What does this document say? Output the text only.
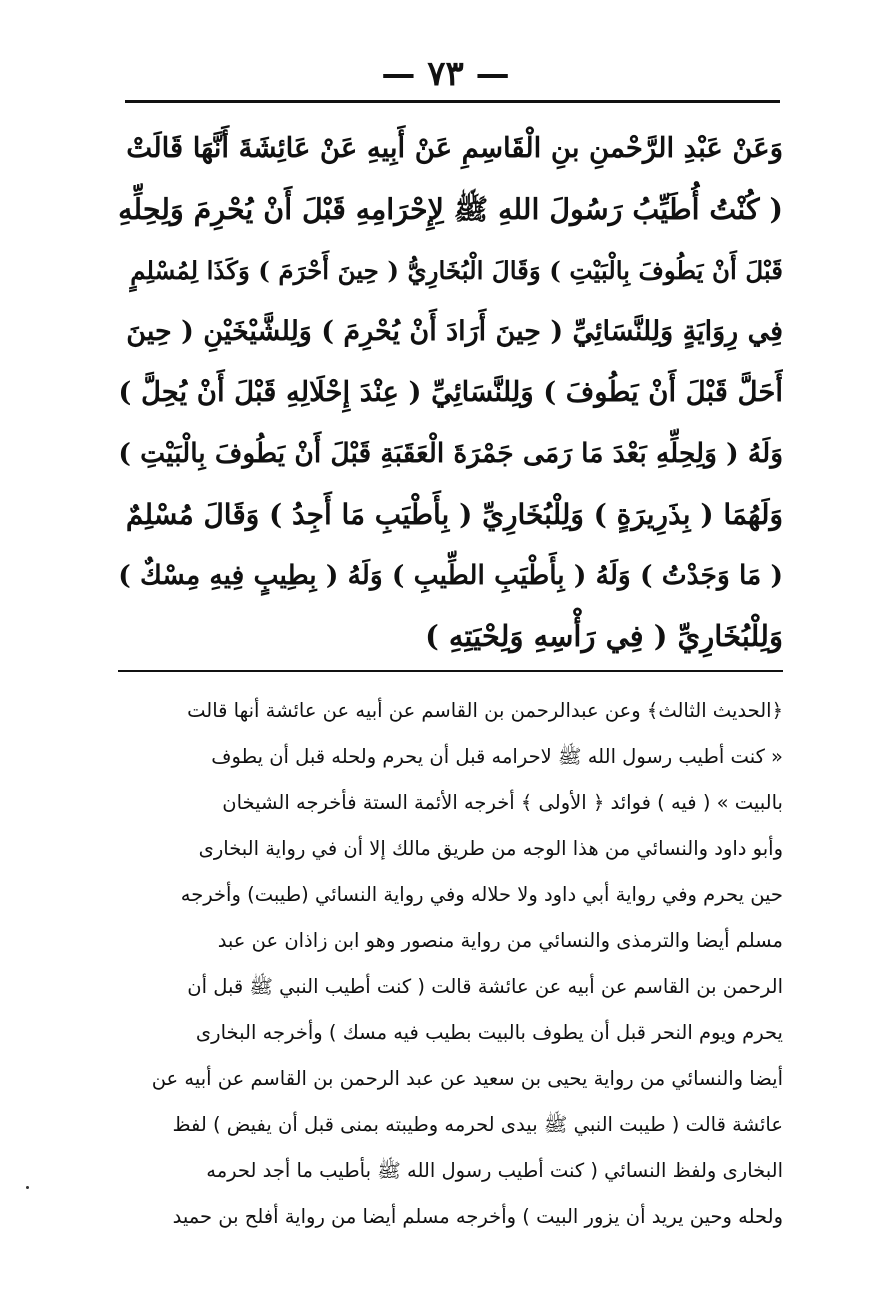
— ٧٣ —
وَعَنْ عَبْدِ الرَّحْمنِ بنِ الْقَاسِمِ عَنْ أَبِيهِ عَنْ عَائِشَةَ أَنَّهَا قَالَتْ
( كُنْتُ أُطَيِّبُ رَسُولَ اللهِ ﷺ لِإِحْرَامِهِ قَبْلَ أَنْ يُحْرِمَ وَلِحِلِّهِ
قَبْلَ أَنْ يَطُوفَ بِالْبَيْتِ ) وَقَالَ الْبُخَارِيُّ ( حِينَ أَحْرَمَ ) وَكَذَا لِمُسْلِمٍ
فِي رِوَايَةٍ وَلِلنَّسَائِيِّ ( حِينَ أَرَادَ أَنْ يُحْرِمَ ) وَلِلشَّيْخَيْنِ ( حِينَ
أَحَلَّ قَبْلَ أَنْ يَطُوفَ ) وَلِلنَّسَائِيِّ ( عِنْدَ إِحْلَالِهِ قَبْلَ أَنْ يُحِلَّ )
وَلَهُ ( وَلِحِلِّهِ بَعْدَ مَا رَمَى جَمْرَةَ الْعَقَبَةِ قَبْلَ أَنْ يَطُوفَ بِالْبَيْتِ )
وَلَهُمَا ( بِذَرِيرَةٍ ) وَلِلْبُخَارِيِّ ( بِأَطْيَبِ مَا أَجِدُ ) وَقَالَ مُسْلِمٌ
( مَا وَجَدْتُ ) وَلَهُ ( بِأَطْيَبِ الطِّيبِ ) وَلَهُ ( بِطِيبٍ فِيهِ مِسْكٌ )
وَلِلْبُخَارِيِّ ( فِي رَأْسِهِ وَلِحْيَتِهِ )
﴿الحديث الثالث﴾ وعن عبدالرحمن بن القاسم عن أبيه عن عائشة أنها قالت
« كنت أطيب رسول الله ﷺ لاحرامه قبل أن يحرم ولحله قبل أن يطوف
بالبيت » ( فيه ) فوائد ﴿ الأولى ﴾ أخرجه الأئمة الستة فأخرجه الشيخان
وأبو داود والنسائي من هذا الوجه من طريق مالك إلا أن في رواية البخارى
حين يحرم وفي رواية أبي داود ولا حلاله وفي رواية النسائي (طيبت) وأخرجه
مسلم أيضا والترمذى والنسائي من رواية منصور وهو ابن زاذان عن عبد
الرحمن بن القاسم عن أبيه عن عائشة قالت ( كنت أطيب النبي ﷺ قبل أن
يحرم ويوم النحر قبل أن يطوف بالبيت بطيب فيه مسك ) وأخرجه البخارى
أيضا والنسائي من رواية يحيى بن سعيد عن عبد الرحمن بن القاسم عن أبيه عن
عائشة قالت ( طيبت النبي ﷺ بيدى لحرمه وطيبته بمنى قبل أن يفيض ) لفظ
البخارى ولفظ النسائي ( كنت أطيب رسول الله ﷺ بأطيب ما أجد لحرمه
ولحله وحين يريد أن يزور البيت ) وأخرجه مسلم أيضا من رواية أفلح بن حميد
